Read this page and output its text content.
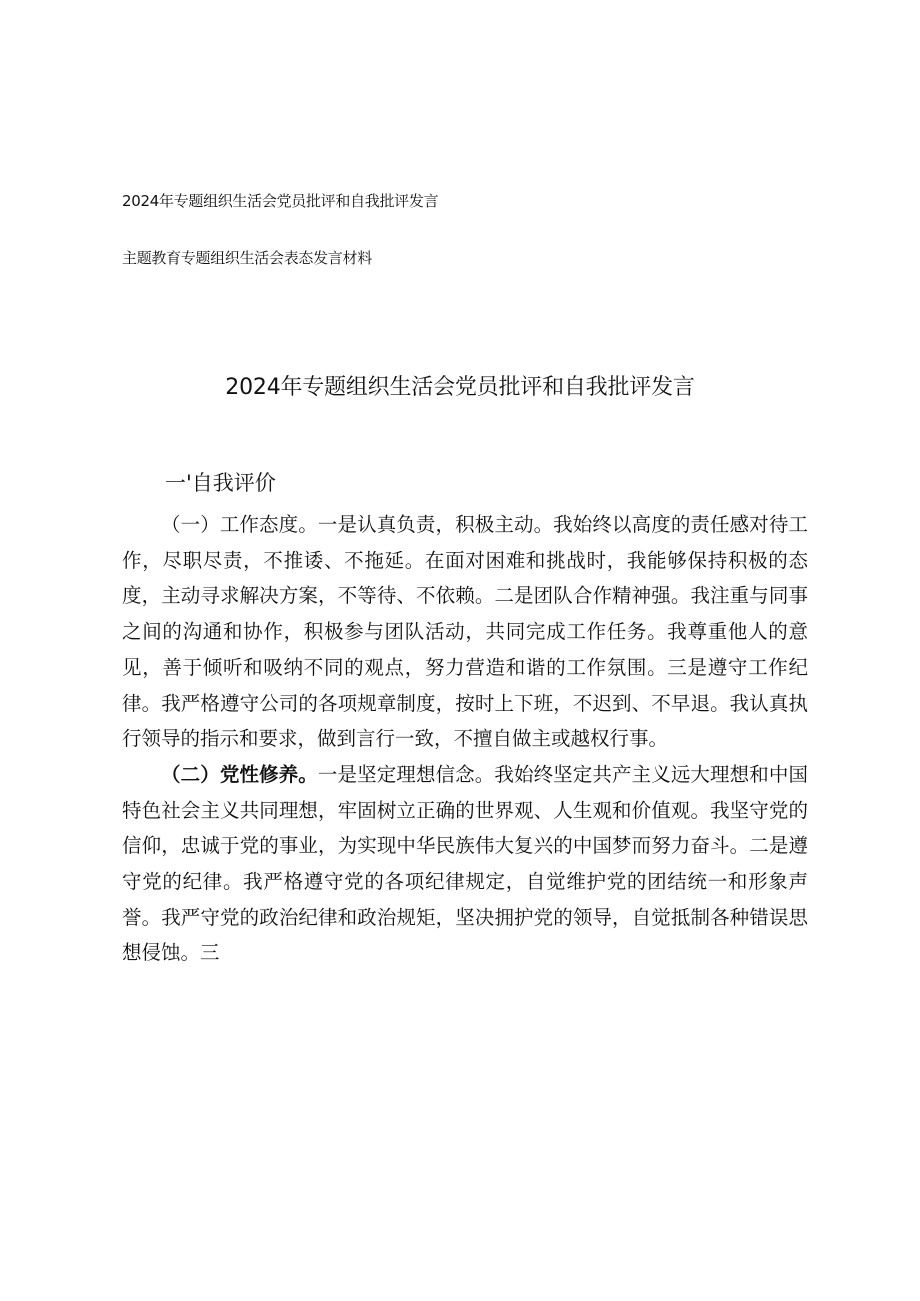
2024年专题组织生活会党员批评和自我批评发言
主题教育专题组织生活会表态发言材料
2024年专题组织生活会党员批评和自我批评发言
一'自我评价

（一）工作态度。一是认真负责，积极主动。我始终以高度的责任感对待工作，尽职尽责，不推诿、不拖延。在面对困难和挑战时，我能够保持积极的态度，主动寻求解决方案，不等待、不依赖。二是团队合作精神强。我注重与同事之间的沟通和协作，积极参与团队活动，共同完成工作任务。我尊重他人的意见，善于倾听和吸纳不同的观点，努力营造和谐的工作氛围。三是遵守工作纪律。我严格遵守公司的各项规章制度，按时上下班，不迟到、不早退。我认真执行领导的指示和要求，做到言行一致，不擅自做主或越权行事。

（二）党性修养。一是坚定理想信念。我始终坚定共产主义远大理想和中国特色社会主义共同理想，牢固树立正确的世界观、人生观和价值观。我坚守党的信仰，忠诚于党的事业，为实现中华民族伟大复兴的中国梦而努力奋斗。二是遵守党的纪律。我严格遵守党的各项纪律规定，自觉维护党的团结统一和形象声誉。我严守党的政治纪律和政治规矩，坚决拥护党的领导，自觉抵制各种错误思想侵蚀。三
